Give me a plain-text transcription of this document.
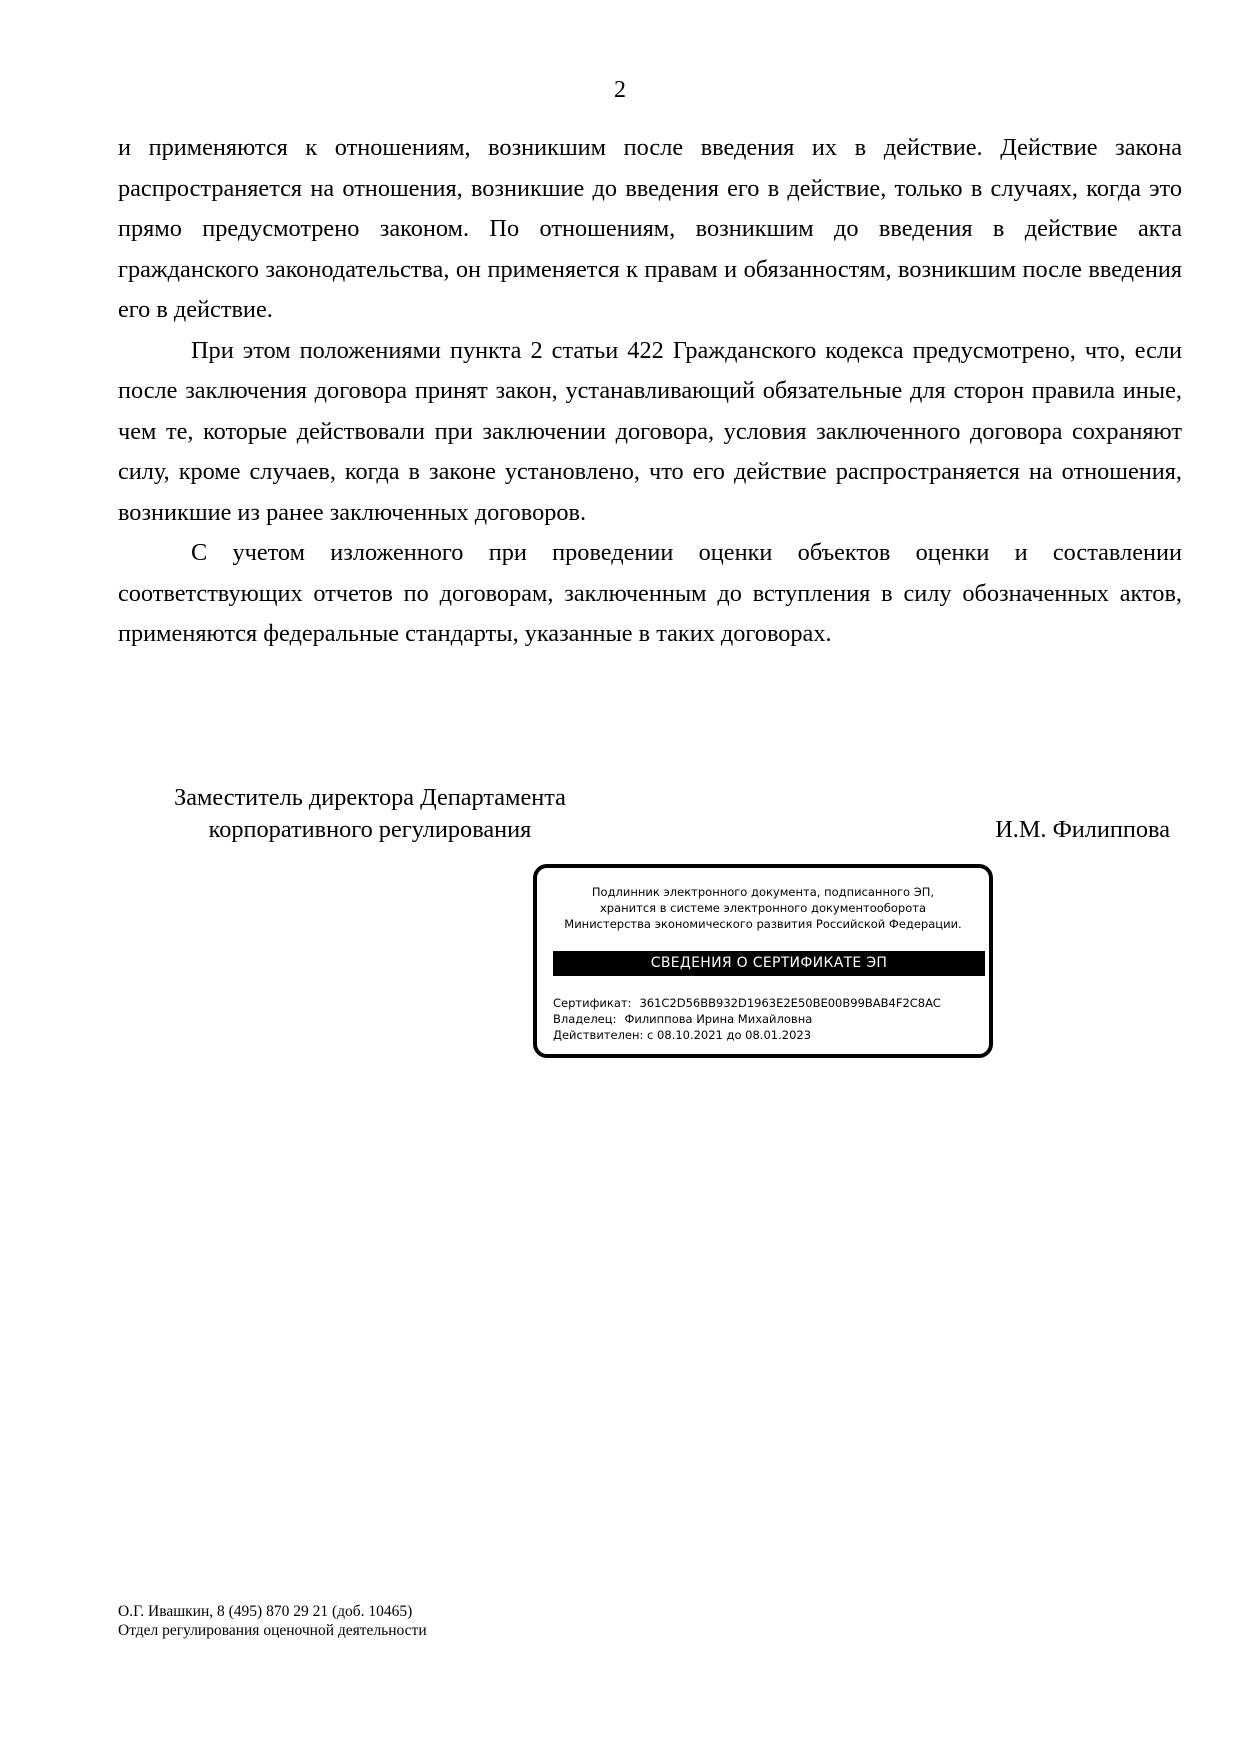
2

и применяются к отношениям, возникшим после введения их в действие. Действие закона распространяется на отношения, возникшие до введения его в действие, только в случаях, когда это прямо предусмотрено законом. По отношениям, возникшим до введения в действие акта гражданского законодательства, он применяется к правам и обязанностям, возникшим после введения его в действие.

При этом положениями пункта 2 статьи 422 Гражданского кодекса предусмотрено, что, если после заключения договора принят закон, устанавливающий обязательные для сторон правила иные, чем те, которые действовали при заключении договора, условия заключенного договора сохраняют силу, кроме случаев, когда в законе установлено, что его действие распространяется на отношения, возникшие из ранее заключенных договоров.

С учетом изложенного при проведении оценки объектов оценки и составлении соответствующих отчетов по договорам, заключенным до вступления в силу обозначенных актов, применяются федеральные стандарты, указанные в таких договорах.

Заместитель директора Департамента
корпоративного регулирования	И.М. Филиппова
Подлинник электронного документа, подписанного ЭП,
хранится в системе электронного документооборота
Министерства экономического развития Российской Федерации.
СВЕДЕНИЯ О СЕРТИФИКАТЕ ЭП
Сертификат: 361C2D56BB932D1963E2E50BE00B99BAB4F2C8AC
Владелец: Филиппова Ирина Михайловна
Действителен: с 08.10.2021 до 08.01.2023
О.Г. Ивашкин, 8 (495) 870 29 21 (доб. 10465)
Отдел регулирования оценочной деятельности
